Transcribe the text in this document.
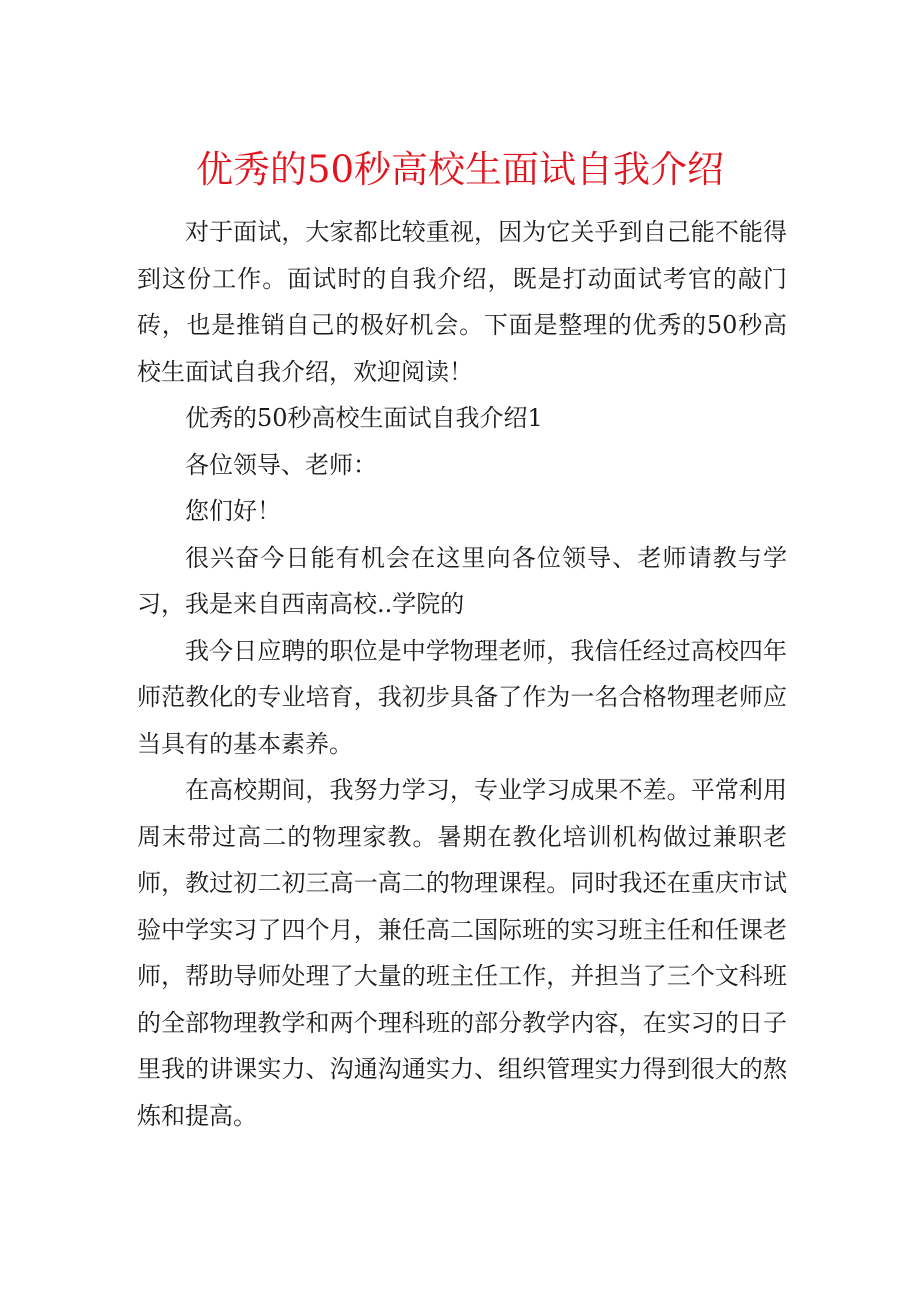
优秀的50秒高校生面试自我介绍

对于面试，大家都比较重视，因为它关乎到自己能不能得到这份工作。面试时的自我介绍，既是打动面试考官的敲门砖，也是推销自己的极好机会。下面是整理的优秀的50秒高校生面试自我介绍，欢迎阅读！

优秀的50秒高校生面试自我介绍1

各位领导、老师：

您们好！

很兴奋今日能有机会在这里向各位领导、老师请教与学习，我是来自西南高校..学院的

我今日应聘的职位是中学物理老师，我信任经过高校四年师范教化的专业培育，我初步具备了作为一名合格物理老师应当具有的基本素养。

在高校期间，我努力学习，专业学习成果不差。平常利用周末带过高二的物理家教。暑期在教化培训机构做过兼职老师，教过初二初三高一高二的物理课程。同时我还在重庆市试验中学实习了四个月，兼任高二国际班的实习班主任和任课老师，帮助导师处理了大量的班主任工作，并担当了三个文科班的全部物理教学和两个理科班的部分教学内容，在实习的日子里我的讲课实力、沟通沟通实力、组织管理实力得到很大的熬炼和提高。
